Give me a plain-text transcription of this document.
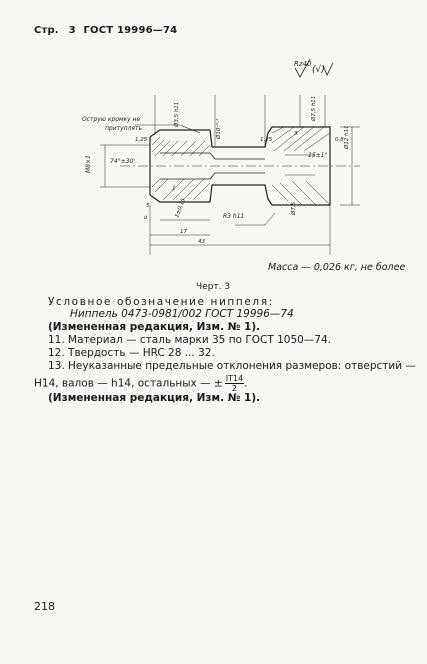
Стр. 3 ГОСТ 19996—74
Rz40
(√)
Острую кромку не
притуплять
M8×1
Ø3,5 h11
Ø10⁻⁰·²
Ø7,5 h11
Ø12 h11
Ø7,5
R3 h11
74°±30'
15±1°
1,25	1,25
3
0,8
5
17
43
ó	1±0,15
1
Масса — 0,026 кг, не более
Черт. 3
Условное обозначение ниппеля:
Ниппель 0473-0981/002 ГОСТ 19996—74
(Измененная редакция, Изм. № 1).
11. Материал — сталь марки 35 по ГОСТ 1050—74.
12. Твердость — HRC 28 ... 32.
13. Неуказанные предельные отклонения размеров: отверстий —
H14, валов — h14, остальных — ± $\frac{IT14}{2}$ .
(Измененная редакция, Изм. № 1).
218
